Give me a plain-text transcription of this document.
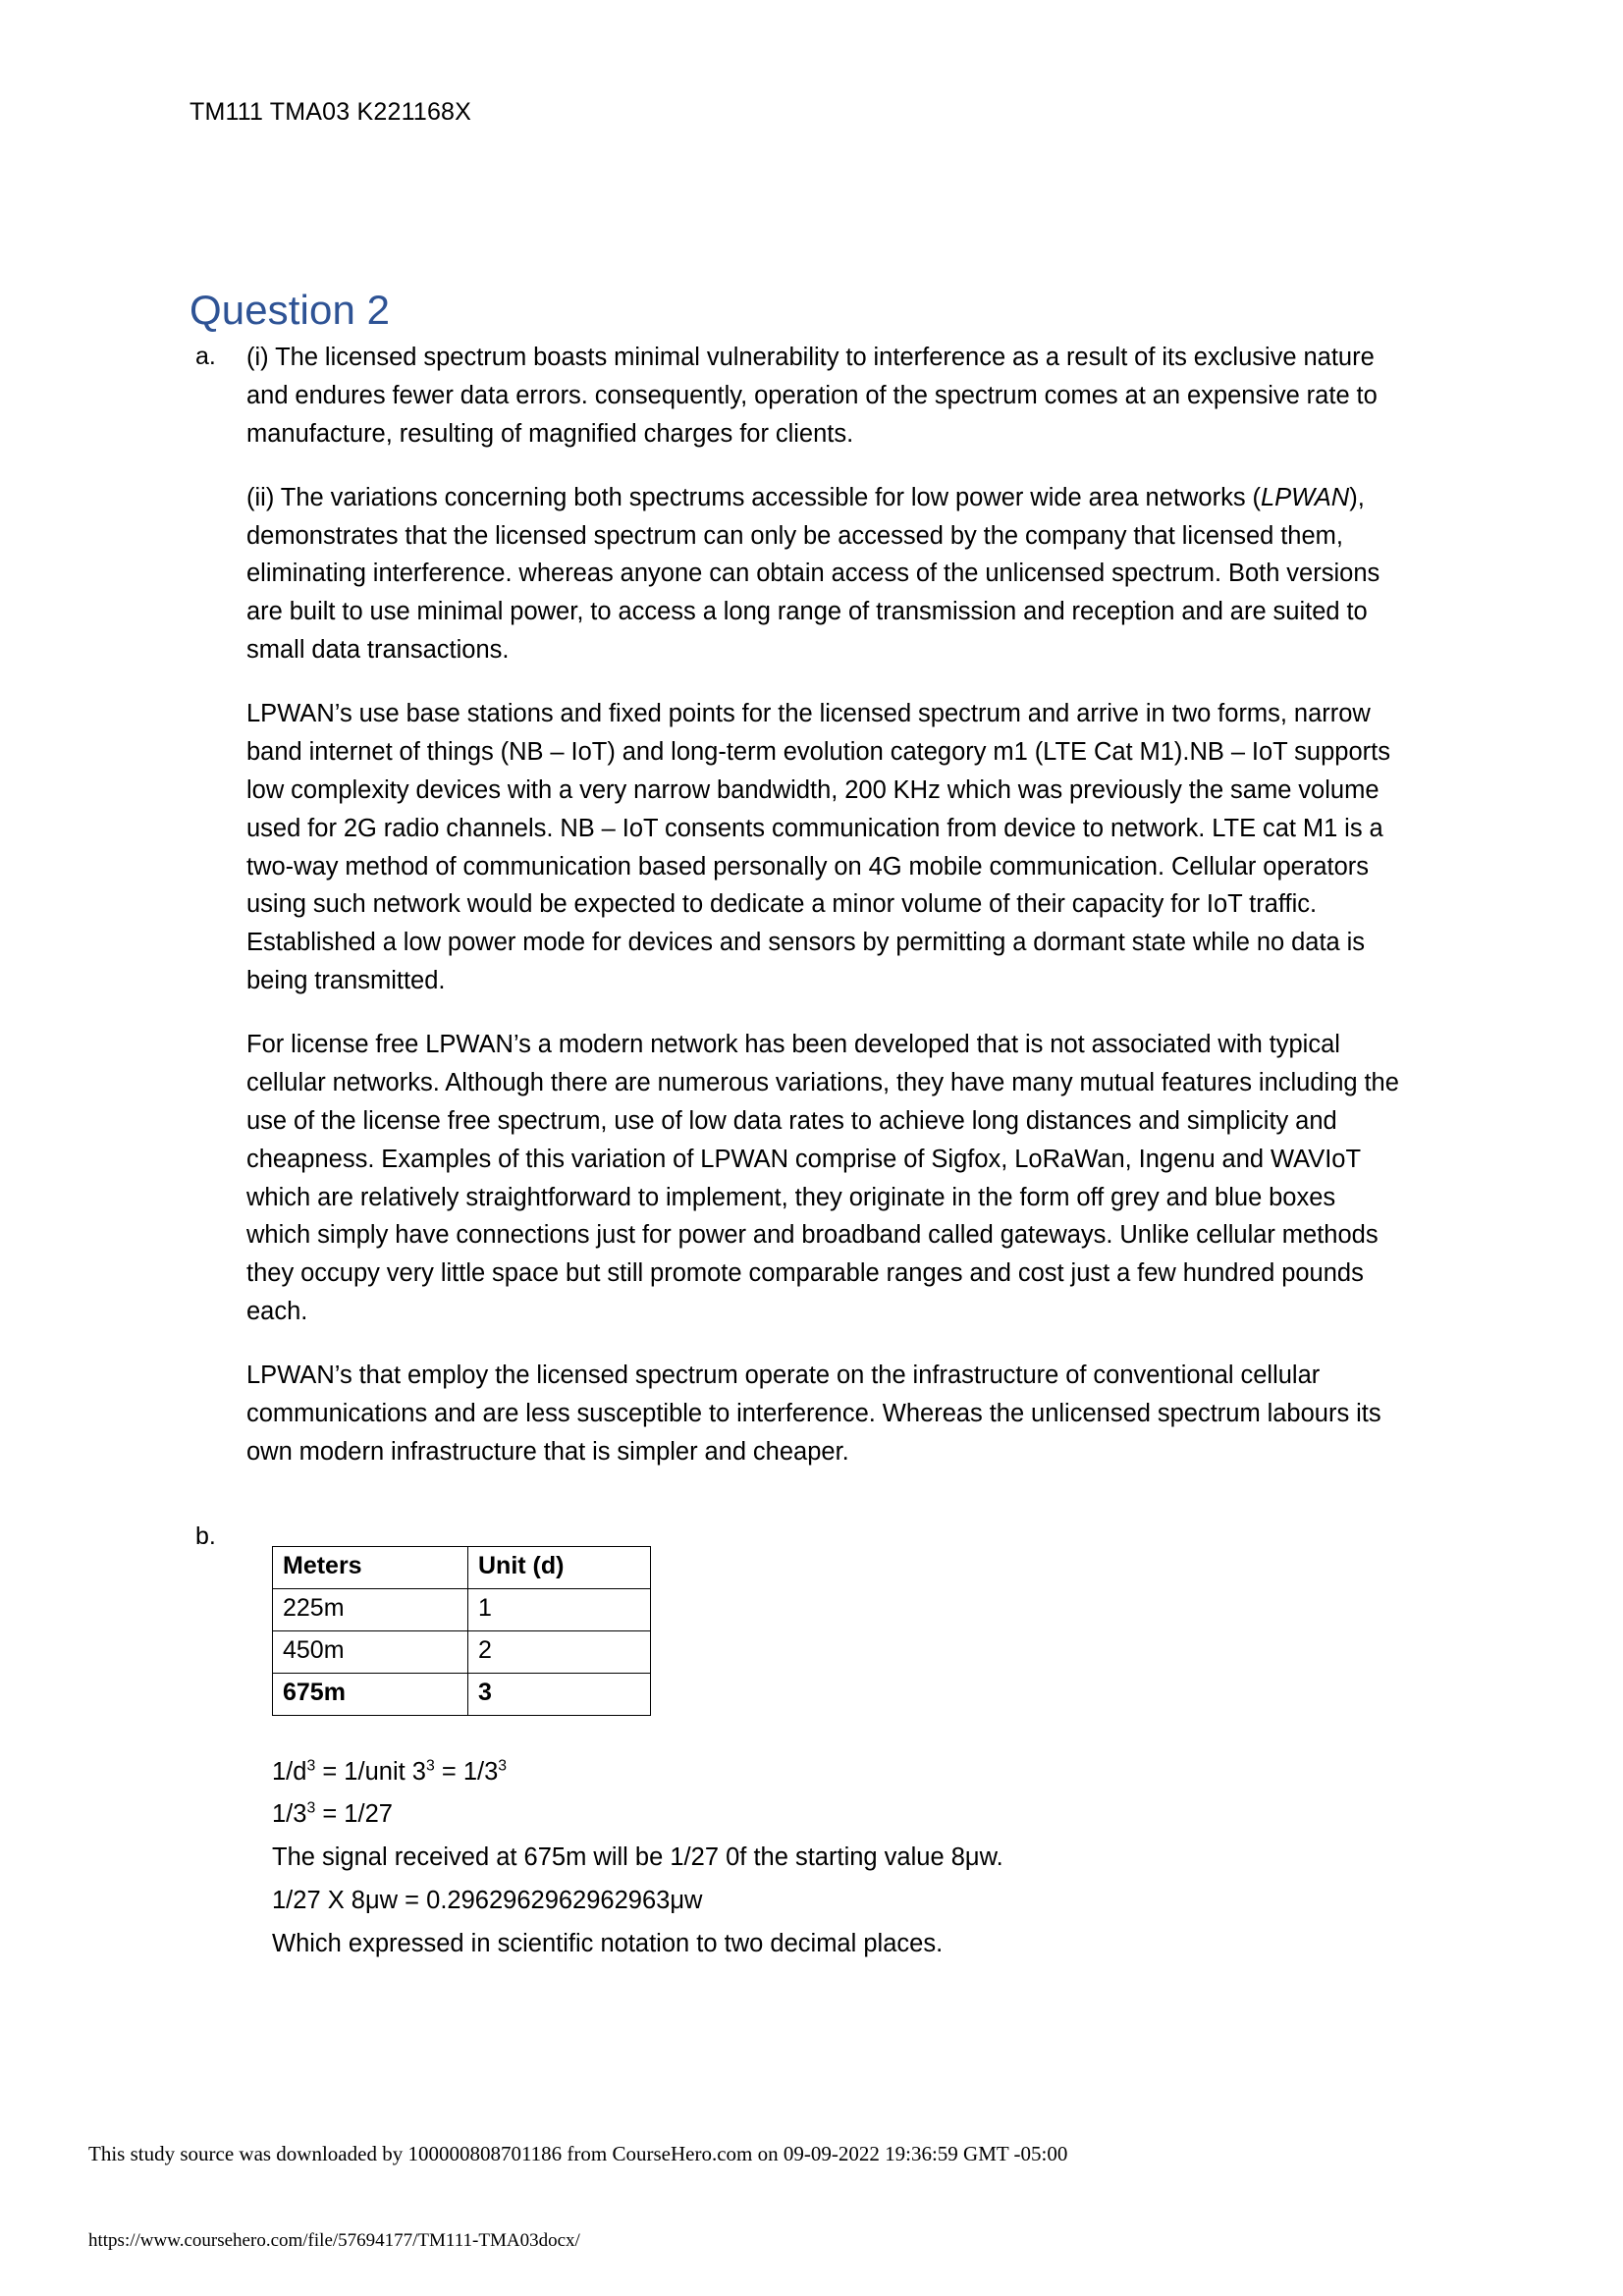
TM111 TMA03 K221168X
Question 2
a.	(i) The licensed spectrum boasts minimal vulnerability to interference as a result of its exclusive nature and endures fewer data errors. consequently, operation of the spectrum comes at an expensive rate to manufacture, resulting of magnified charges for clients.

(ii) The variations concerning both spectrums accessible for low power wide area networks (LPWAN), demonstrates that the licensed spectrum can only be accessed by the company that licensed them, eliminating interference. whereas anyone can obtain access of the unlicensed spectrum. Both versions are built to use minimal power, to access a long range of transmission and reception and are suited to small data transactions.

LPWAN’s use base stations and fixed points for the licensed spectrum and arrive in two forms, narrow band internet of things (NB – IoT) and long-term evolution category m1 (LTE Cat M1).NB – IoT supports low complexity devices with a very narrow bandwidth, 200 KHz which was previously the same volume used for 2G radio channels. NB – IoT consents communication from device to network. LTE cat M1 is a two-way method of communication based personally on 4G mobile communication. Cellular operators using such network would be expected to dedicate a minor volume of their capacity for IoT traffic. Established a low power mode for devices and sensors by permitting a dormant state while no data is being transmitted.

For license free LPWAN’s a modern network has been developed that is not associated with typical cellular networks. Although there are numerous variations, they have many mutual features including the use of the license free spectrum, use of low data rates to achieve long distances and simplicity and cheapness. Examples of this variation of LPWAN comprise of Sigfox, LoRaWan, Ingenu and WAVIoT which are relatively straightforward to implement, they originate in the form off grey and blue boxes which simply have connections just for power and broadband called gateways. Unlike cellular methods they occupy very little space but still promote comparable ranges and cost just a few hundred pounds each.

LPWAN’s that employ the licensed spectrum operate on the infrastructure of conventional cellular communications and are less susceptible to interference. Whereas the unlicensed spectrum labours its own modern infrastructure that is simpler and cheaper.

b.
Meters	Unit (d)
225m	1
450m	2
675m	3
$1/d^3$ = 1/unit $3^3 = 1/3^3$
$1/3^3 = 1/27$
The signal received at 675m will be 1/27 0f the starting value 8μw.
1/27 X 8μw = 0.2962962962962963μw
Which expressed in scientific notation to two decimal places.
This study source was downloaded by 100000808701186 from CourseHero.com on 09-09-2022 19:36:59 GMT -05:00
https://www.coursehero.com/file/57694177/TM111-TMA03docx/
